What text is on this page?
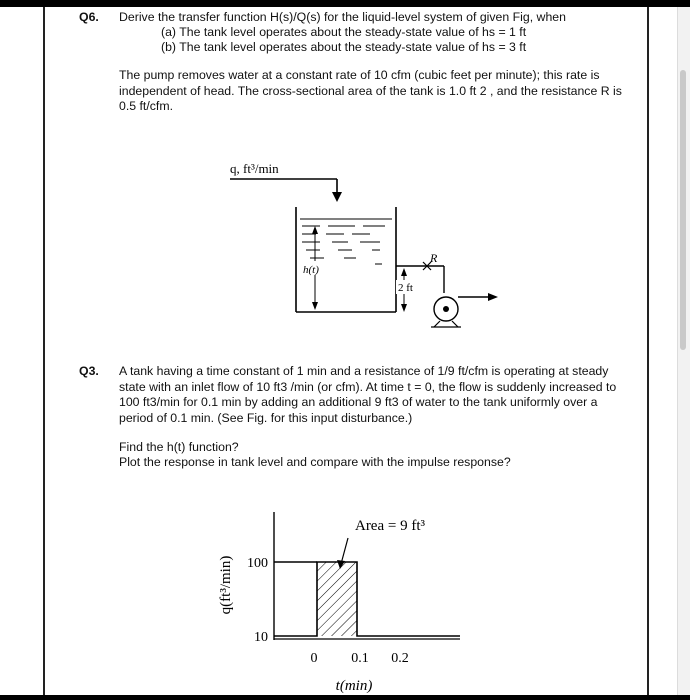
Q6. Derive the transfer function H(s)/Q(s) for the liquid-level system of given Fig, when
(a) The tank level operates about the steady-state value of hs = 1 ft
(b) The tank level operates about the steady-state value of hs = 3 ft
The pump removes water at a constant rate of 10 cfm (cubic feet per minute); this rate is independent of head. The cross-sectional area of the tank is 1.0 ft 2 , and the resistance R is 0.5 ft/cfm.
q, ft³/min
h(t)
R
2 ft
Q3. A tank having a time constant of 1 min and a resistance of 1/9 ft/cfm is operating at steady state with an inlet flow of 10 ft3 /min (or cfm). At time t = 0, the flow is suddenly increased to 100 ft3/min for 0.1 min by adding an additional 9 ft3 of water to the tank uniformly over a period of 0.1 min. (See Fig. for this input disturbance.)
Find the h(t) function?
Plot the response in tank level and compare with the impulse response?
100
10
0 0.1 0.2
t(min)
q(ft³/min)
Area = 9 ft³
